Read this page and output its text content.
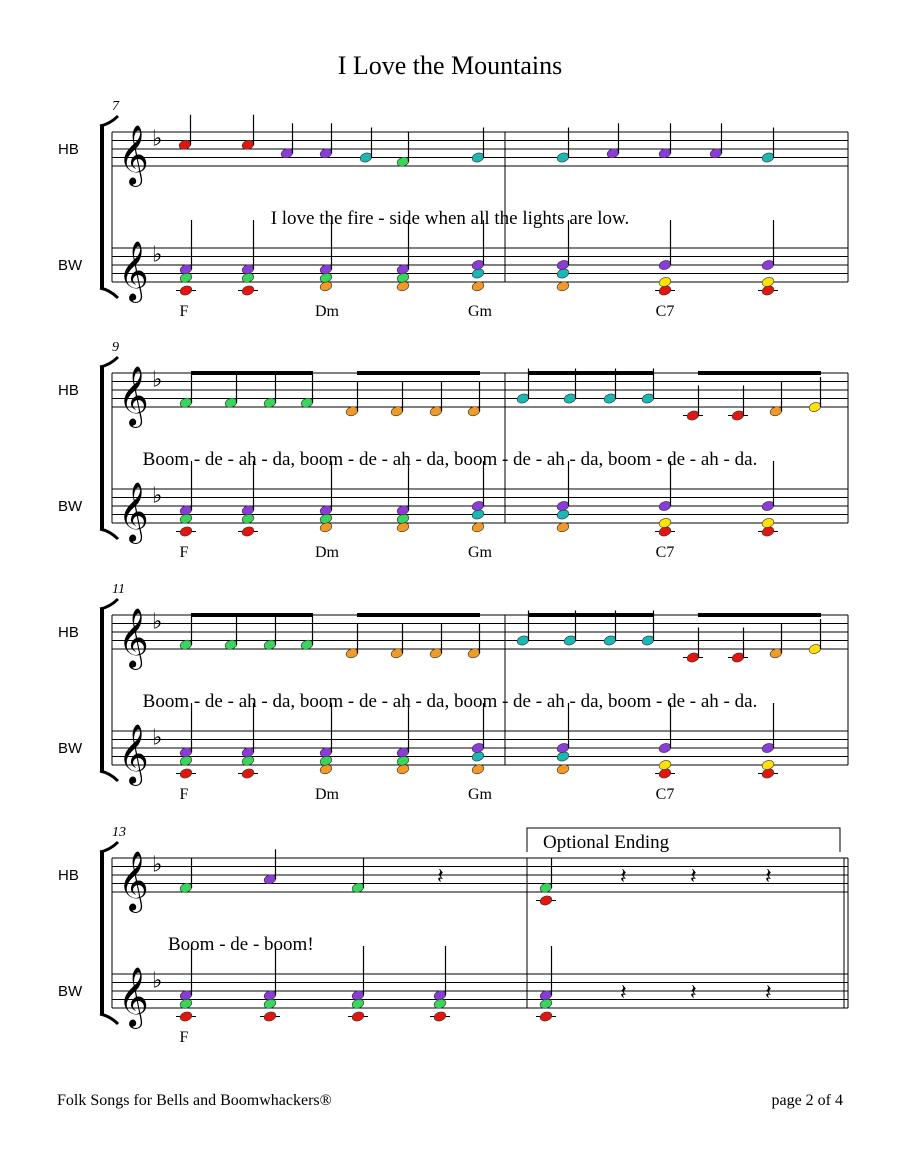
I Love the Mountains
𝄞 ♭
𝄞 ♭
HB
BW
7
I love the fire - side when all the lights are low.
F	Dm	Gm	C7
𝄞 ♭
𝄞 ♭
HB
BW
9
Boom - de - ah - da, boom - de - ah - da, boom - de - ah - da, boom - de - ah - da.
F	Dm	Gm	C7
𝄞 ♭
𝄞 ♭
HB
BW
11
Boom - de - ah - da, boom - de - ah - da, boom - de - ah - da, boom - de - ah - da.
F	Dm	Gm	C7
𝄞 ♭
𝄞 ♭
HB
BW
13
𝄽	𝄽	𝄽	𝄽
Boom - de - boom!
𝄽	𝄽	𝄽
F
Optional Ending
Folk Songs for Bells and Boomwhackers®	page 2 of 4
